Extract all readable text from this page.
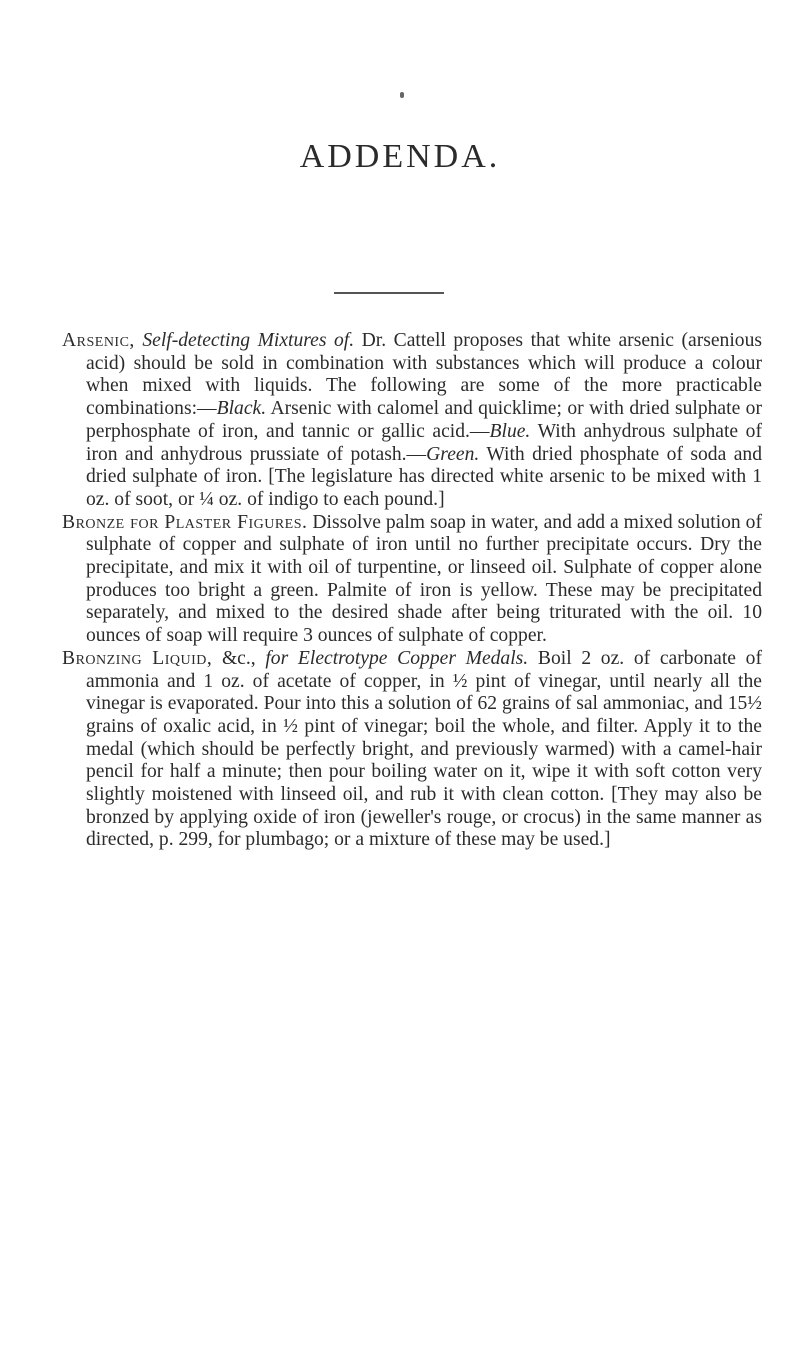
ADDENDA.

Arsenic, Self-detecting Mixtures of. Dr. Cattell proposes that white arsenic (arsenious acid) should be sold in combination with substances which will produce a colour when mixed with liquids. The following are some of the more practicable combinations:—Black. Arsenic with calomel and quicklime; or with dried sulphate or perphosphate of iron, and tannic or gallic acid.—Blue. With anhydrous sulphate of iron and anhydrous prussiate of potash.—Green. With dried phosphate of soda and dried sulphate of iron. [The legislature has directed white arsenic to be mixed with 1 oz. of soot, or ¼ oz. of indigo to each pound.]

Bronze for Plaster Figures. Dissolve palm soap in water, and add a mixed solution of sulphate of copper and sulphate of iron until no further precipitate occurs. Dry the precipitate, and mix it with oil of turpentine, or linseed oil. Sulphate of copper alone produces too bright a green. Palmite of iron is yellow. These may be precipitated separately, and mixed to the desired shade after being triturated with the oil. 10 ounces of soap will require 3 ounces of sulphate of copper.

Bronzing Liquid, &c., for Electrotype Copper Medals. Boil 2 oz. of carbonate of ammonia and 1 oz. of acetate of copper, in ½ pint of vinegar, until nearly all the vinegar is evaporated. Pour into this a solution of 62 grains of sal ammoniac, and 15½ grains of oxalic acid, in ½ pint of vinegar; boil the whole, and filter. Apply it to the medal (which should be perfectly bright, and previously warmed) with a camel-hair pencil for half a minute; then pour boiling water on it, wipe it with soft cotton very slightly moistened with linseed oil, and rub it with clean cotton. [They may also be bronzed by applying oxide of iron (jeweller's rouge, or crocus) in the same manner as directed, p. 299, for plumbago; or a mixture of these may be used.]
